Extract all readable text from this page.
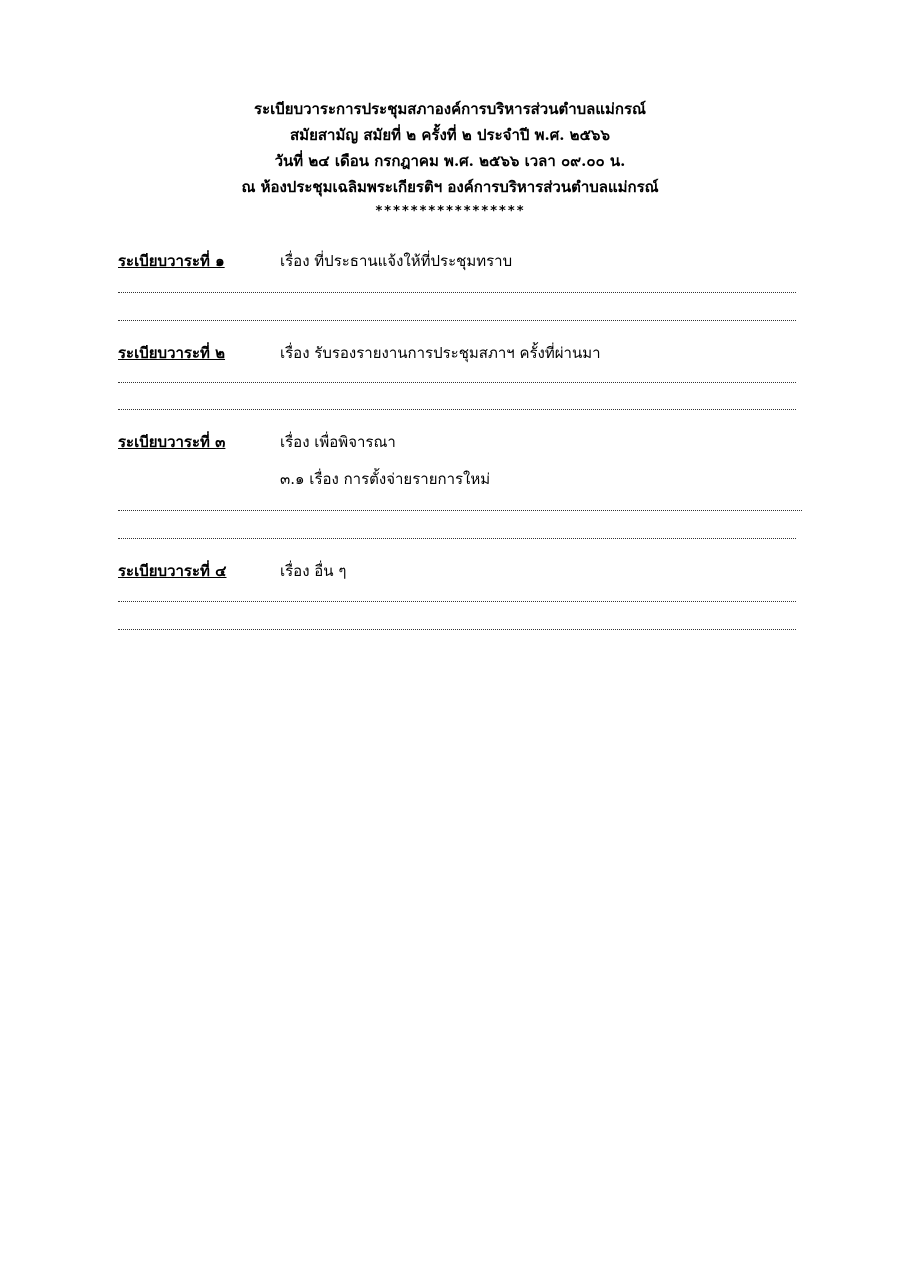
ระเบียบวาระการประชุมสภาองค์การบริหารส่วนตำบลแม่กรณ์
สมัยสามัญ สมัยที่ ๒ ครั้งที่ ๒ ประจำปี พ.ศ. ๒๕๖๖
วันที่ ๒๔ เดือน กรกฎาคม พ.ศ. ๒๕๖๖ เวลา ๐๙.๐๐ น.
ณ ห้องประชุมเฉลิมพระเกียรติฯ องค์การบริหารส่วนตำบลแม่กรณ์
*****************
ระเบียบวาระที่ ๑	เรื่อง ที่ประธานแจ้งให้ที่ประชุมทราบ
ระเบียบวาระที่ ๒	เรื่อง รับรองรายงานการประชุมสภาฯ ครั้งที่ผ่านมา
ระเบียบวาระที่ ๓	เรื่อง เพื่อพิจารณา
๓.๑ เรื่อง การตั้งจ่ายรายการใหม่
ระเบียบวาระที่ ๔	เรื่อง อื่น ๆ
